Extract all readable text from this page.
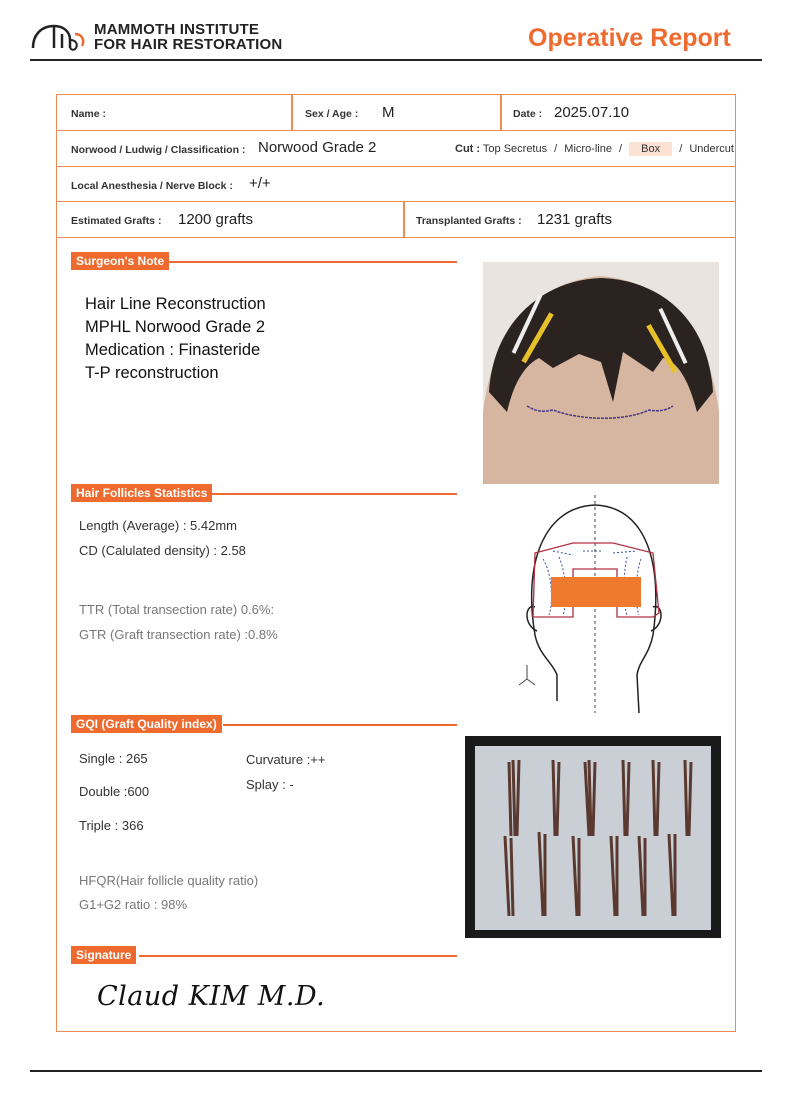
MAMMOTH INSTITUTE
FOR HAIR RESTORATION	Operative Report
Name :	Sex / Age : M	Date : 2025.07.10
Norwood / Ludwig / Classification : Norwood Grade 2	Cut : Top Secretus / Micro-line / Box / Undercut
Local Anesthesia / Nerve Block : +/+
Estimated Grafts : 1200 grafts	Transplanted Grafts : 1231 grafts
Surgeon's Note
Hair Line Reconstruction
MPHL Norwood Grade 2
Medication : Finasteride
T-P reconstruction
Hair Follicles Statistics
Length (Average) : 5.42mm
CD (Calulated density) : 2.58
TTR (Total transection rate) 0.6%:
GTR (Graft transection rate) :0.8%
GQI (Graft Quality index)
Single : 265
Double :600
Triple : 366
Curvature :++
Splay : -
HFQR(Hair follicle quality ratio)
G1+G2 ratio : 98%
Signature
Claud KIM M.D.
